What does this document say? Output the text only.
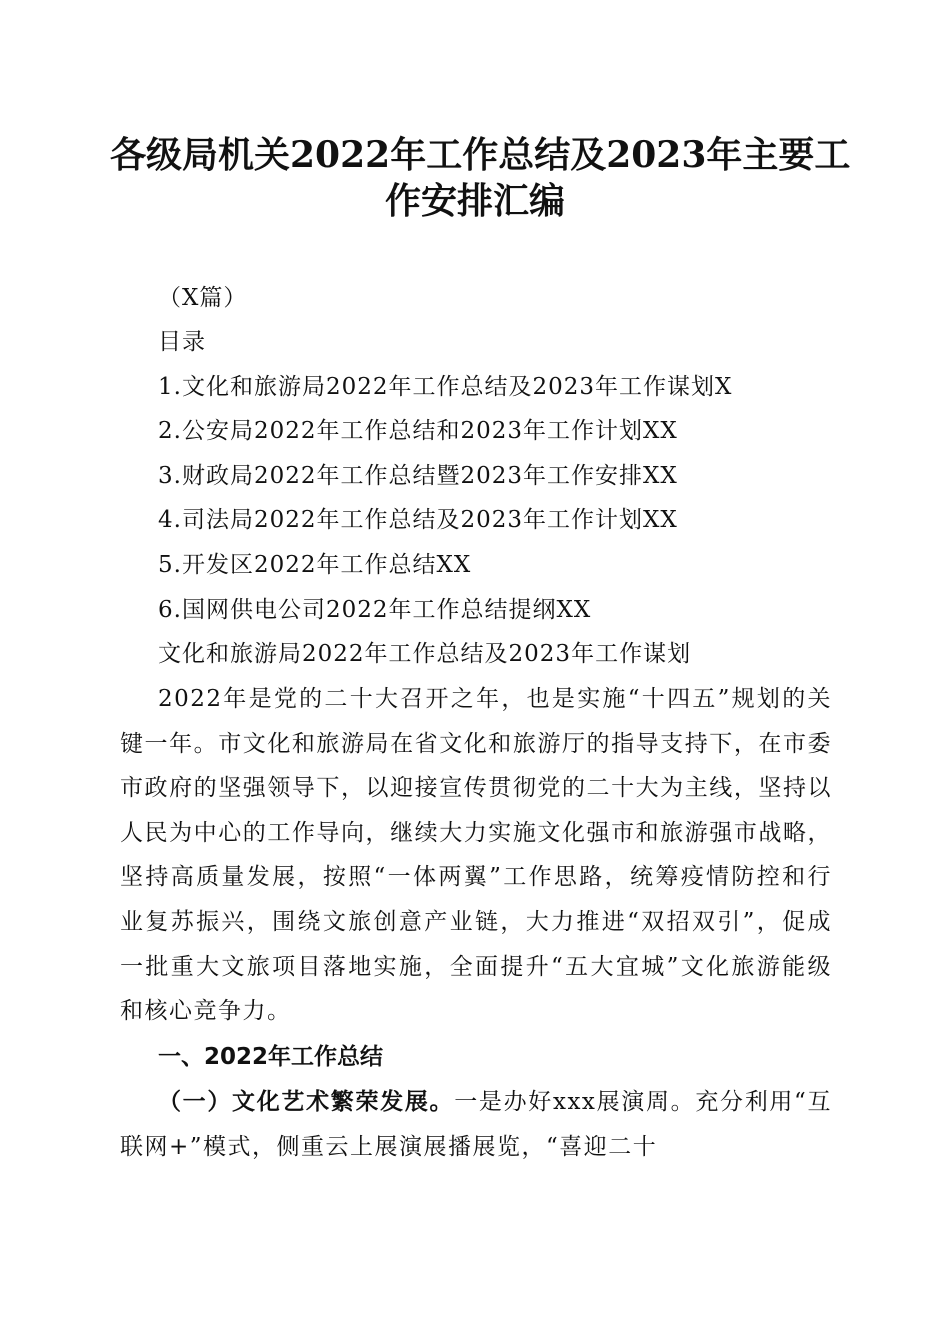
各级局机关2022年工作总结及2023年主要工
作安排汇编
（X篇）
目录
1.文化和旅游局2022年工作总结及2023年工作谋划X
2.公安局2022年工作总结和2023年工作计划XX
3.财政局2022年工作总结暨2023年工作安排XX
4.司法局2022年工作总结及2023年工作计划XX
5.开发区2022年工作总结XX
6.国网供电公司2022年工作总结提纲XX
文化和旅游局2022年工作总结及2023年工作谋划
2022年是党的二十大召开之年，也是实施“十四五”规划的关键一年。市文化和旅游局在省文化和旅游厅的指导支持下，在市委市政府的坚强领导下，以迎接宣传贯彻党的二十大为主线，坚持以人民为中心的工作导向，继续大力实施文化强市和旅游强市战略，坚持高质量发展，按照“一体两翼”工作思路，统筹疫情防控和行业复苏振兴，围绕文旅创意产业链，大力推进“双招双引”，促成一批重大文旅项目落地实施，全面提升“五大宜城”文化旅游能级和核心竞争力。
一、2022年工作总结
（一）文化艺术繁荣发展。一是办好xxx展演周。充分利用“互联网+”模式，侧重云上展演展播展览，“喜迎二十
